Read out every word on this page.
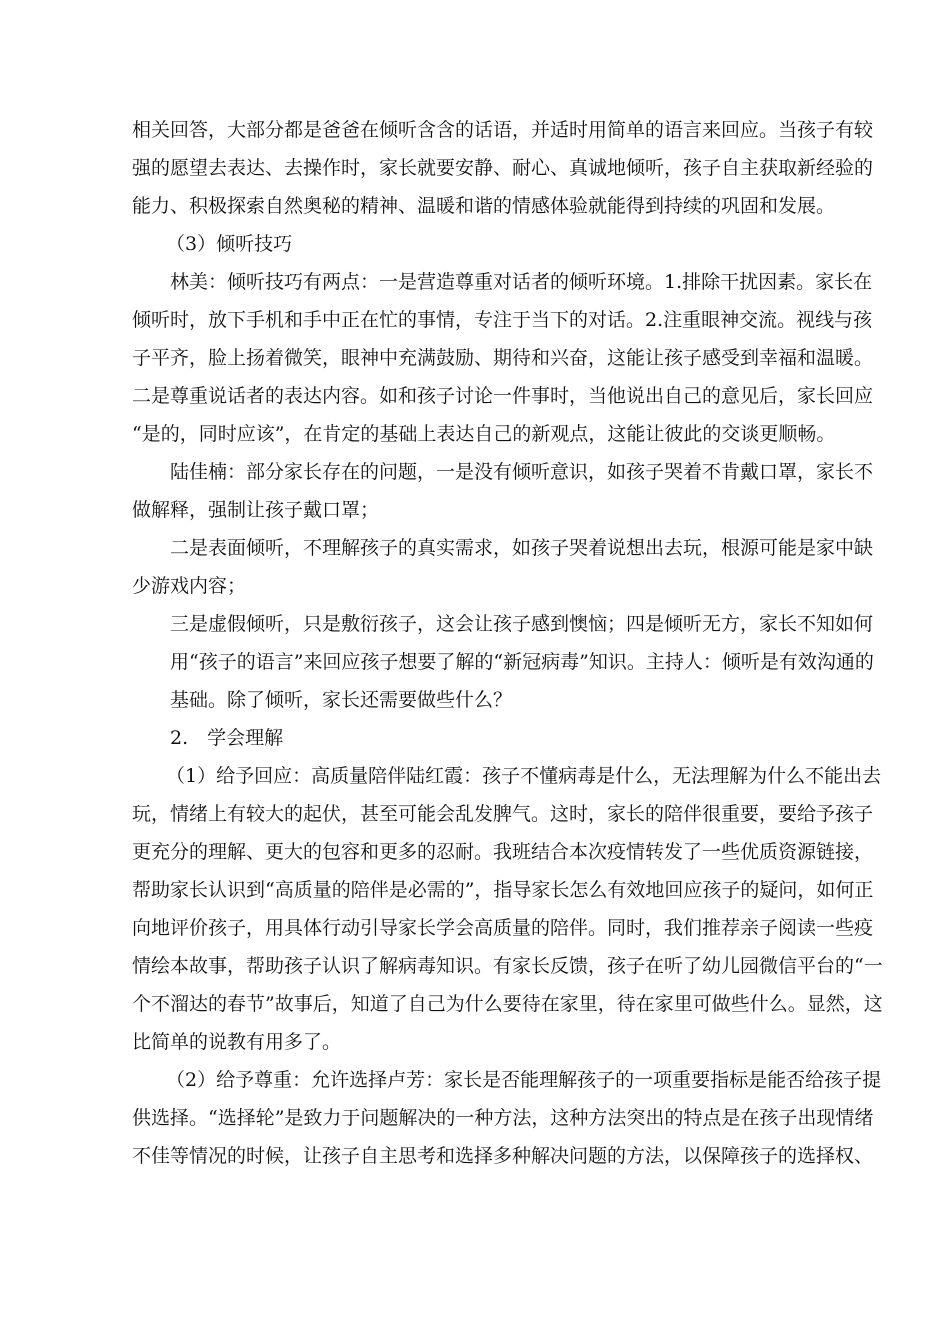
相关回答，大部分都是爸爸在倾听含含的话语，并适时用简单的语言来回应。当孩子有较
强的愿望去表达、去操作时，家长就要安静、耐心、真诚地倾听，孩子自主获取新经验的
能力、积极探索自然奥秘的精神、温暖和谐的情感体验就能得到持续的巩固和发展。
（3）倾听技巧
林美：倾听技巧有两点：一是营造尊重对话者的倾听环境。1.排除干扰因素。家长在
倾听时，放下手机和手中正在忙的事情，专注于当下的对话。2.注重眼神交流。视线与孩
子平齐，脸上扬着微笑，眼神中充满鼓励、期待和兴奋，这能让孩子感受到幸福和温暖。
二是尊重说话者的表达内容。如和孩子讨论一件事时，当他说出自己的意见后，家长回应
“是的，同时应该”，在肯定的基础上表达自己的新观点，这能让彼此的交谈更顺畅。
陆佳楠：部分家长存在的问题，一是没有倾听意识，如孩子哭着不肯戴口罩，家长不
做解释，强制让孩子戴口罩；
二是表面倾听，不理解孩子的真实需求，如孩子哭着说想出去玩，根源可能是家中缺
少游戏内容；
三是虚假倾听，只是敷衍孩子，这会让孩子感到懊恼；四是倾听无方，家长不知如何
用“孩子的语言”来回应孩子想要了解的“新冠病毒”知识。主持人：倾听是有效沟通的
基础。除了倾听，家长还需要做些什么？
2.　学会理解
（1）给予回应：高质量陪伴陆红霞：孩子不懂病毒是什么，无法理解为什么不能出去
玩，情绪上有较大的起伏，甚至可能会乱发脾气。这时，家长的陪伴很重要，要给予孩子
更充分的理解、更大的包容和更多的忍耐。我班结合本次疫情转发了一些优质资源链接，
帮助家长认识到“高质量的陪伴是必需的”，指导家长怎么有效地回应孩子的疑问，如何正
向地评价孩子，用具体行动引导家长学会高质量的陪伴。同时，我们推荐亲子阅读一些疫
情绘本故事，帮助孩子认识了解病毒知识。有家长反馈，孩子在听了幼儿园微信平台的“一
个不溜达的春节”故事后，知道了自己为什么要待在家里，待在家里可做些什么。显然，这
比简单的说教有用多了。
（2）给予尊重：允许选择卢芳：家长是否能理解孩子的一项重要指标是能否给孩子提
供选择。“选择轮”是致力于问题解决的一种方法，这种方法突出的特点是在孩子出现情绪
不佳等情况的时候，让孩子自主思考和选择多种解决问题的方法，以保障孩子的选择权、
